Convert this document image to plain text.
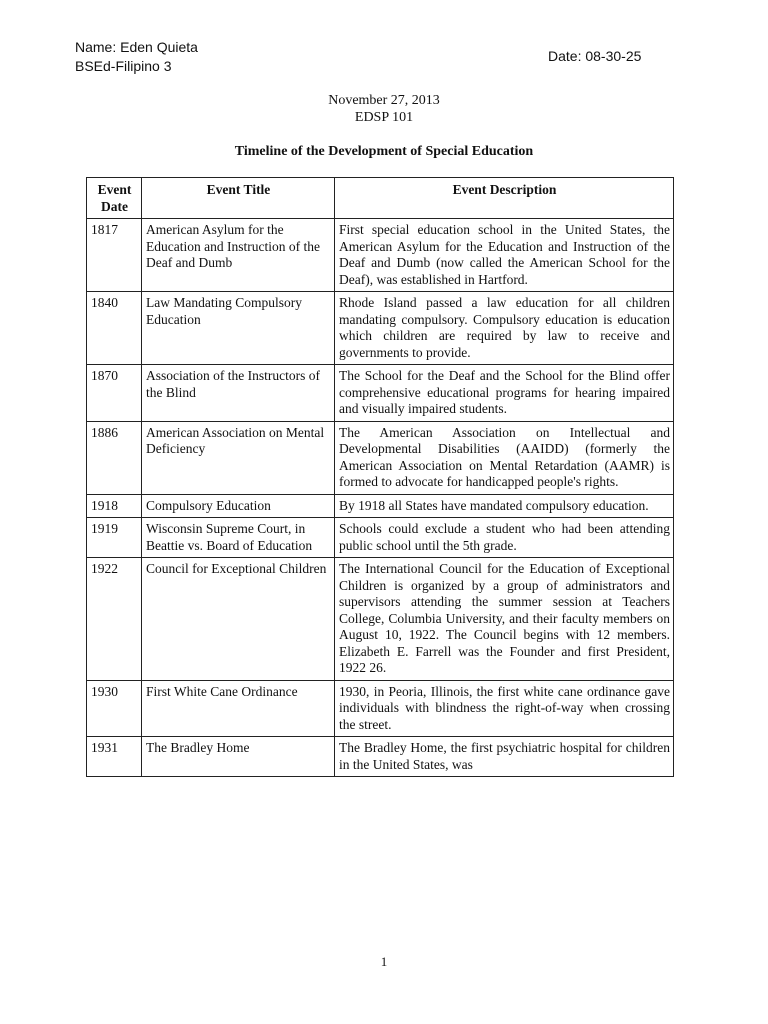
Name: Eden Quieta
BSEd-Filipino 3
Date: 08-30-25
November 27, 2013
EDSP 101
Timeline of the Development of Special Education
Event Date	Event Title	Event Description
1817	American Asylum for the Education and Instruction of the Deaf and Dumb	First special education school in the United States, the American Asylum for the Education and Instruction of the Deaf and Dumb (now called the American School for the Deaf), was established in Hartford.
1840	Law Mandating Compulsory Education	Rhode Island passed a law education for all children mandating compulsory. Compulsory education is education which children are required by law to receive and governments to provide.
1870	Association of the Instructors of the Blind	The School for the Deaf and the School for the Blind offer comprehensive educational programs for hearing impaired and visually impaired students.
1886	American Association on Mental Deficiency	The American Association on Intellectual and Developmental Disabilities (AAIDD) (formerly the American Association on Mental Retardation (AAMR) is formed to advocate for handicapped people's rights.
1918	Compulsory Education	By 1918 all States have mandated compulsory education.
1919	Wisconsin Supreme Court, in Beattie vs. Board of Education	Schools could exclude a student who had been attending public school until the 5th grade.
1922	Council for Exceptional Children	The International Council for the Education of Exceptional Children is organized by a group of administrators and supervisors attending the summer session at Teachers College, Columbia University, and their faculty members on August 10, 1922. The Council begins with 12 members. Elizabeth E. Farrell was the Founder and first President, 1922 26.
1930	First White Cane Ordinance	1930, in Peoria, Illinois, the first white cane ordinance gave individuals with blindness the right-of-way when crossing the street.
1931	The Bradley Home	The Bradley Home, the first psychiatric hospital for children in the United States, was
1
